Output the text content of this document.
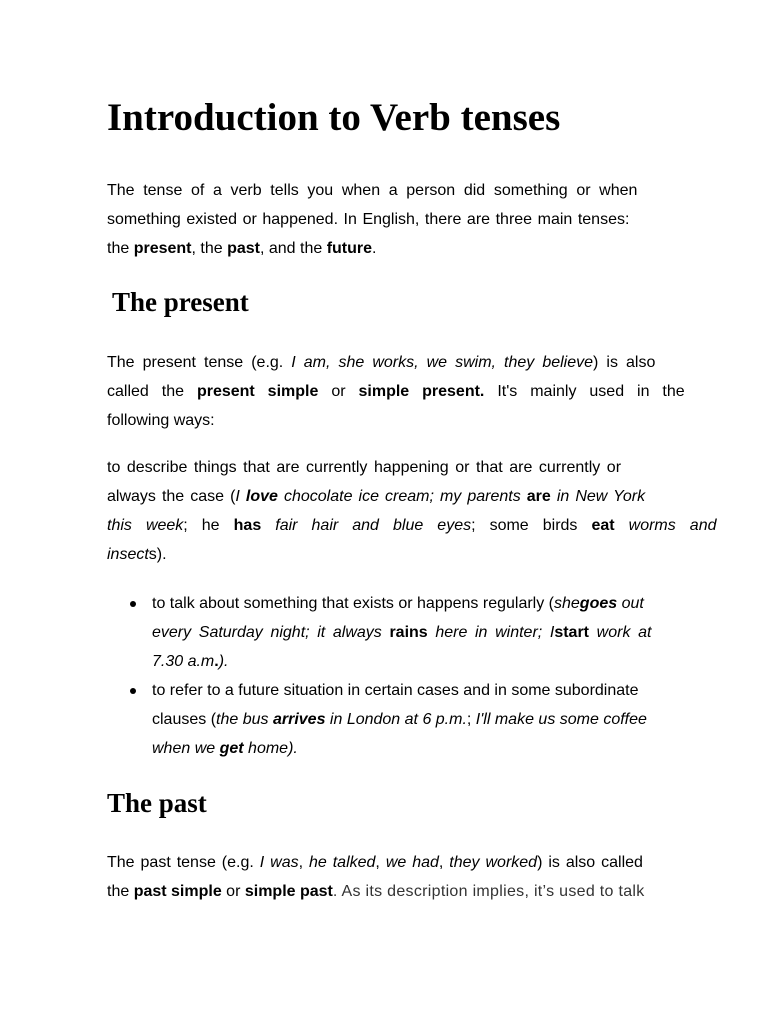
Introduction to Verb tenses
The tense of a verb tells you when a person did something or when
something existed or happened. In English, there are three main tenses:
the present, the past, and the future.
The present
The present tense (e.g. I am, she works, we swim, they believe) is also
called the present simple or simple present. It's mainly used in the
following ways:
to describe things that are currently happening or that are currently or
always the case (I love chocolate ice cream; my parents are in New York
this week; he has fair hair and blue eyes; some birds eat worms and
insects).
to talk about something that exists or happens regularly (shegoes out
every Saturday night; it always rains here in winter; Istart work at
7.30 a.m.).
to refer to a future situation in certain cases and in some subordinate
clauses (the bus arrives in London at 6 p.m.; I'll make us some coffee
when we get home).
The past
The past tense (e.g. I was, he talked, we had, they worked) is also called
the past simple or simple past. As its description implies, it’s used to talk
